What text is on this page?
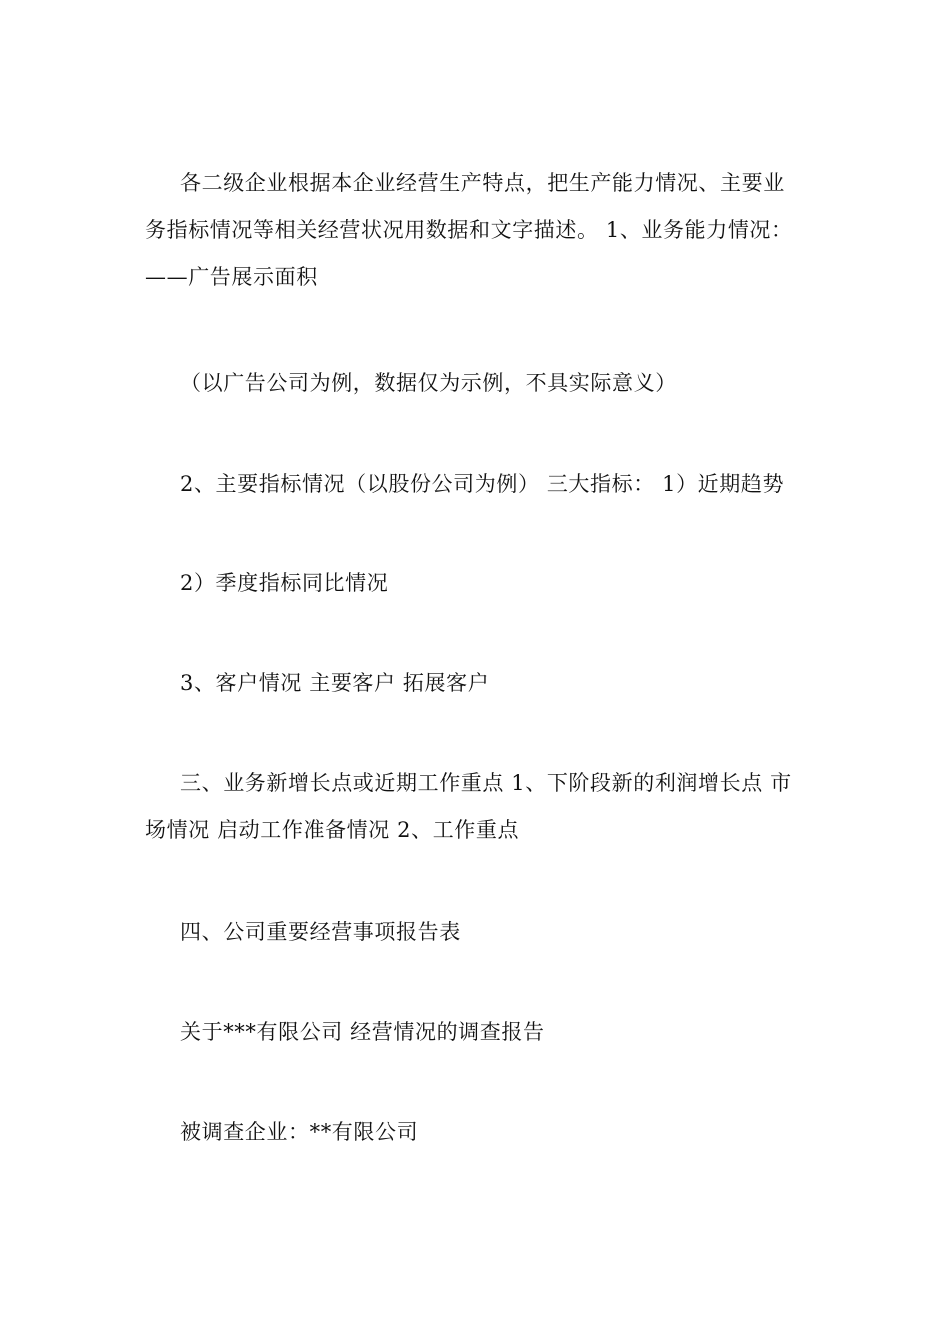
各二级企业根据本企业经营生产特点，把生产能力情况、主要业
务指标情况等相关经营状况用数据和文字描述。 1、业务能力情况：
——广告展示面积
（以广告公司为例，数据仅为示例，不具实际意义）
2、主要指标情况（以股份公司为例） 三大指标： 1）近期趋势
2）季度指标同比情况
3、客户情况 主要客户 拓展客户
三、业务新增长点或近期工作重点 1、下阶段新的利润增长点 市
场情况 启动工作准备情况 2、工作重点
四、公司重要经营事项报告表
关于***有限公司 经营情况的调查报告
被调查企业：**有限公司
